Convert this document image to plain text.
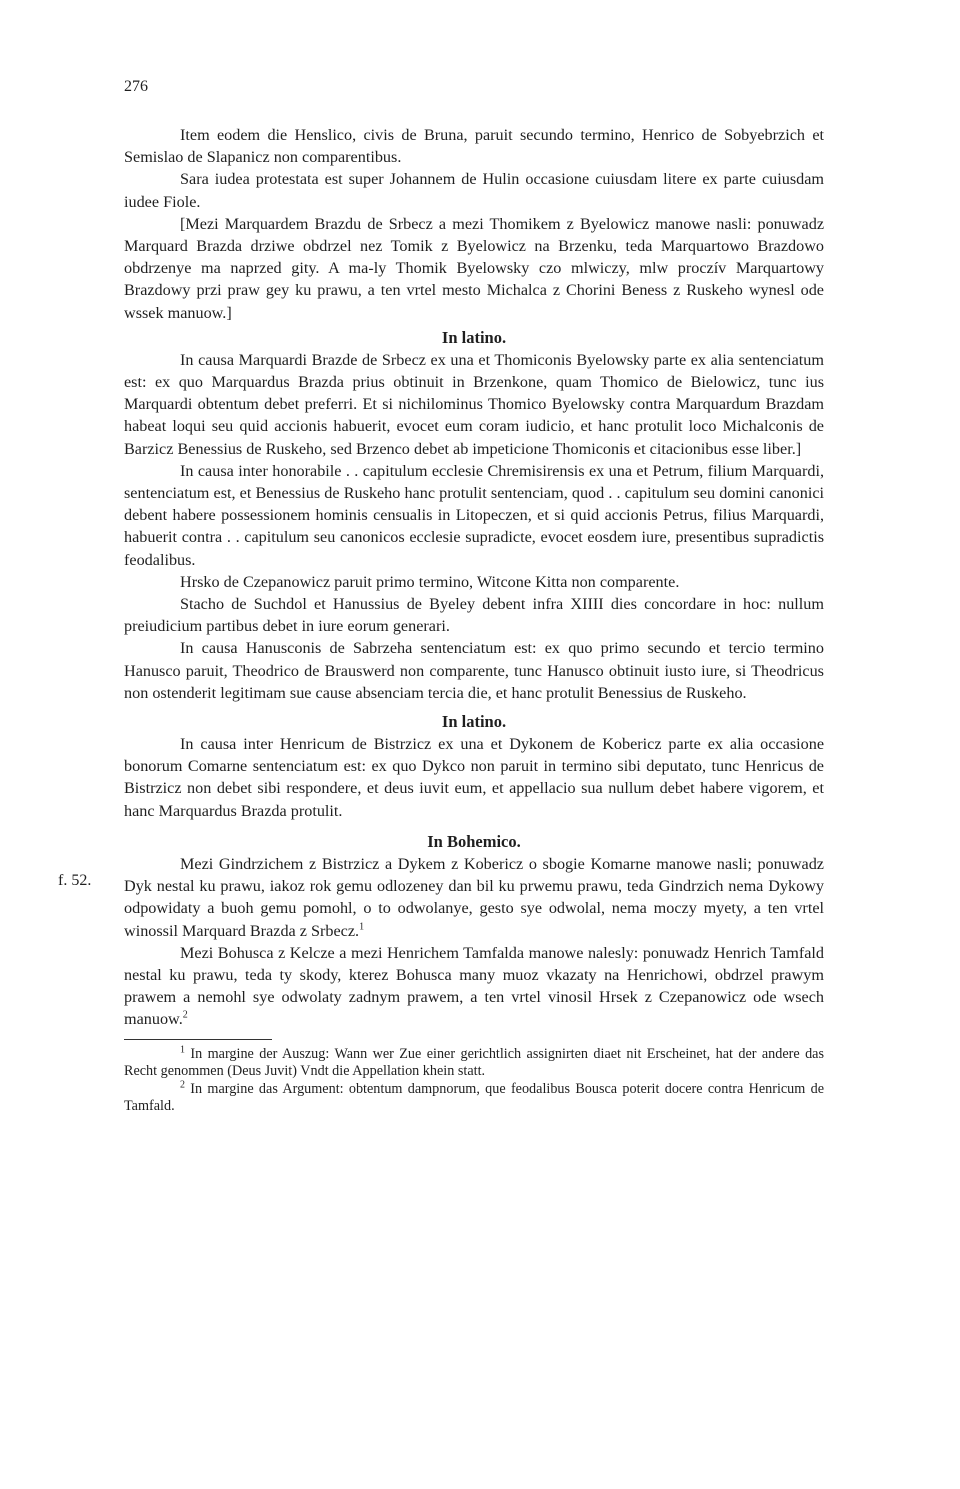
276
f. 52.

Item eodem die Henslico, civis de Bruna, paruit secundo termino, Henrico de Sobyebrzich et Semislao de Slapanicz non comparentibus.

Sara iudea protestata est super Johannem de Hulin occasione cuiusdam litere ex parte cuiusdam iudee Fiole.

[Mezi Marquardem Brazdu de Srbecz a mezi Thomikem z Byelowicz manowe nasli: ponuwadz Marquard Brazda drziwe obdrzel nez Tomik z Byelowicz na Brzenku, teda Marquartowo Brazdowo obdrzenye ma naprzed gity. A ma-ly Thomik Byelowsky czo mlwiczy, mlw proczív Marquartowy Brazdowy przi praw gey ku prawu, a ten vrtel mesto Michalca z Chorini Beness z Ruskeho wynesl ode wssek manuow.]

In latino.

In causa Marquardi Brazde de Srbecz ex una et Thomiconis Byelowsky parte ex alia sentenciatum est: ex quo Marquardus Brazda prius obtinuit in Brzenkone, quam Thomico de Bielowicz, tunc ius Marquardi obtentum debet preferri. Et si nichilominus Thomico Byelowsky contra Marquardum Brazdam habeat loqui seu quid accionis habuerit, evocet eum coram iudicio, et hanc protulit loco Michalconis de Barzicz Benessius de Ruskeho, sed Brzenco debet ab impeticione Thomiconis et citacionibus esse liber.]

In causa inter honorabile . . capitulum ecclesie Chremisirensis ex una et Petrum, filium Marquardi, sentenciatum est, et Benessius de Ruskeho hanc protulit sentenciam, quod . . capitulum seu domini canonici debent habere possessionem hominis censualis in Litopeczen, et si quid accionis Petrus, filius Marquardi, habuerit contra . . capitulum seu canonicos ecclesie supradicte, evocet eosdem iure, presentibus supradictis feodalibus.

Hrsko de Czepanowicz paruit primo termino, Witcone Kitta non comparente.

Stacho de Suchdol et Hanussius de Byeley debent infra XIIII dies concordare in hoc: nullum preiudicium partibus debet in iure eorum generari.

In causa Hanusconis de Sabrzeha sentenciatum est: ex quo primo secundo et tercio termino Hanusco paruit, Theodrico de Brauswerd non comparente, tunc Hanusco obtinuit iusto iure, si Theodricus non ostenderit legitimam sue cause absenciam tercia die, et hanc protulit Benessius de Ruskeho.

In latino.

In causa inter Henricum de Bistrzicz ex una et Dykonem de Kobericz parte ex alia occasione bonorum Comarne sentenciatum est: ex quo Dykco non paruit in termino sibi deputato, tunc Henricus de Bistrzicz non debet sibi respondere, et deus iuvit eum, et appellacio sua nullum debet habere vigorem, et hanc Marquardus Brazda protulit.

In Bohemico.

Mezi Gindrzichem z Bistrzicz a Dykem z Kobericz o sbogie Komarne manowe nasli; ponuwadz Dyk nestal ku prawu, iakoz rok gemu odlozeney dan bil ku prwemu prawu, teda Gindrzich nema Dykowy odpowidaty a buoh gemu pomohl, o to odwolanye, gesto sye odwolal, nema moczy myety, a ten vrtel winossil Marquard Brazda z Srbecz.$^1$

Mezi Bohusca z Kelcze a mezi Henrichem Tamfalda manowe nalesly: ponuwadz Henrich Tamfald nestal ku prawu, teda ty skody, kterez Bohusca many muoz vkazaty na Henrichowi, obdrzel prawym prawem a nemohl sye odwolaty zadnym prawem, a ten vrtel vinosil Hrsek z Czepanowicz ode wsech manuow.$^2$

$^1$ In margine der Auszug: Wann wer Zue einer gerichtlich assignirten diaet nit Erscheinet, hat der andere das Recht genommen (Deus Juvit) Vndt die Appellation khein statt.

$^2$ In margine das Argument: obtentum dampnorum, que feodalibus Bousca poterit docere contra Henricum de Tamfald.
